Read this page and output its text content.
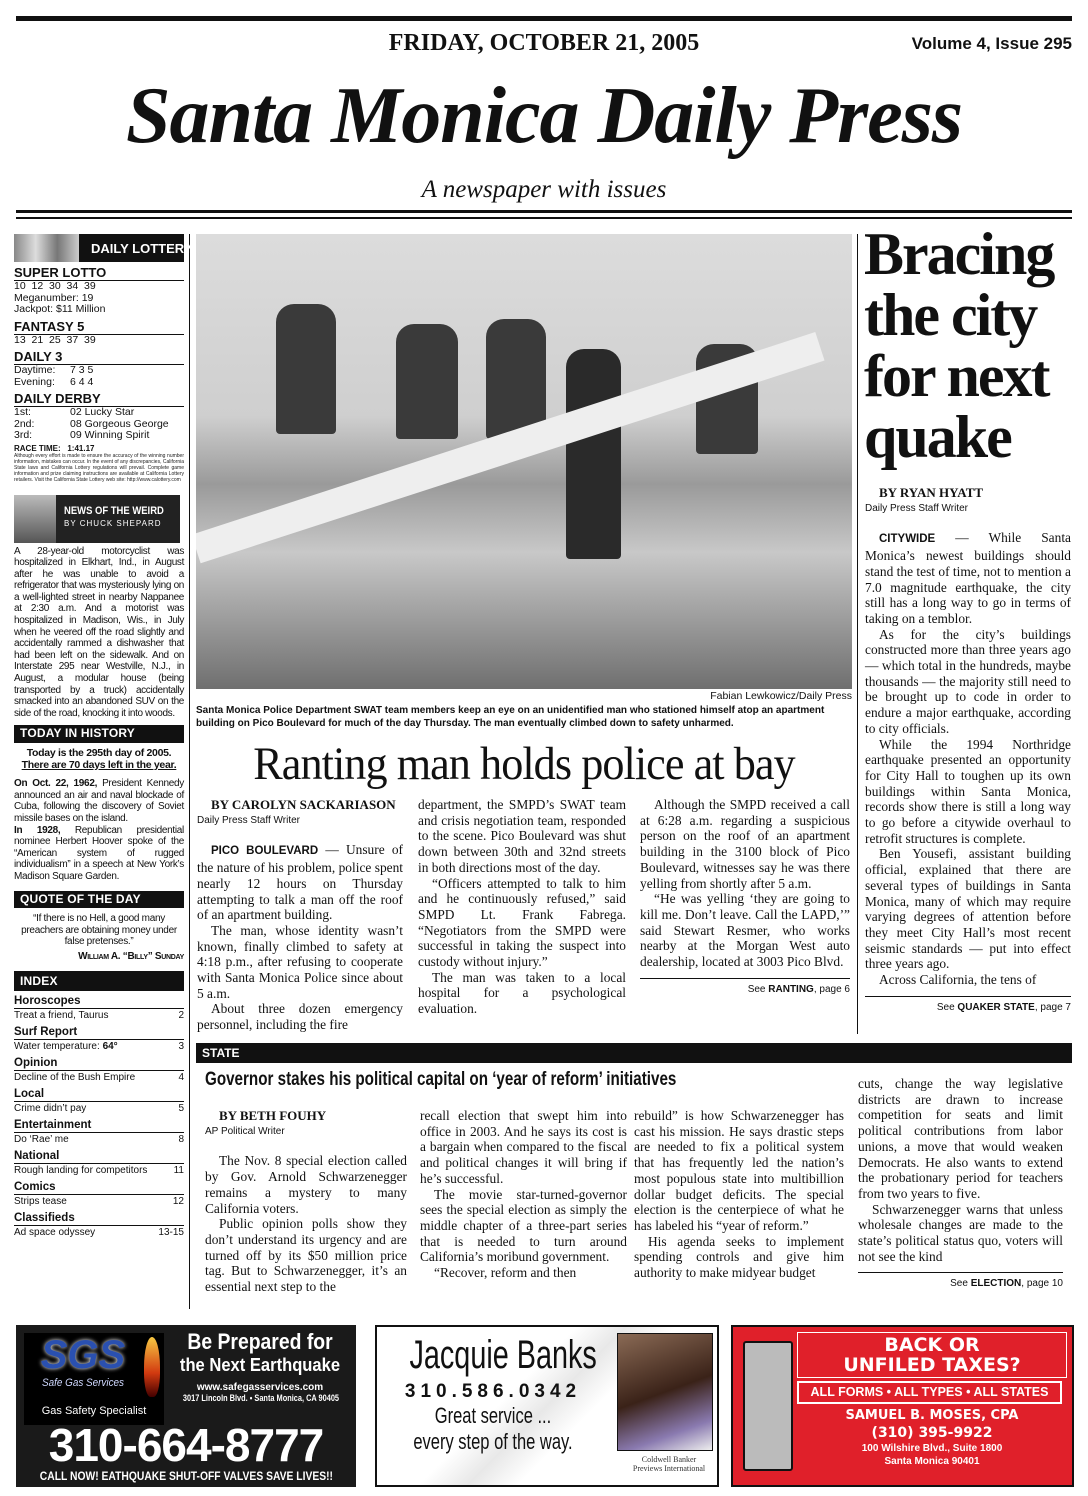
FRIDAY, OCTOBER 21, 2005	Volume 4, Issue 295
Santa Monica Daily Press
A newspaper with issues
DAILY LOTTERY
SUPER LOTTO
10  12  30  34  39
Meganumber: 19
Jackpot: $11 Million
FANTASY 5
13  21  25  37  39
DAILY 3
Daytime:	7 3 5
Evening:	6 4 4
DAILY DERBY
1st:	02 Lucky Star
2nd:	08 Gorgeous George
3rd:	09 Winning Spirit
RACE TIME: 1:41.17
Although every effort is made to ensure the accuracy of the winning number information, mistakes can occur. In the event of any discrepancies, California State laws and California Lottery regulations will prevail. Complete game information and prize claiming instructions are available at California Lottery retailers. Visit the California State Lottery web site: http://www.calottery.com
NEWS OF THE WEIRD
BY CHUCK SHEPARD
A 28-year-old motorcyclist was hospitalized in Elkhart, Ind., in August after he was unable to avoid a refrigerator that was mysteriously lying on a well-lighted street in nearby Nappanee at 2:30 a.m. And a motorist was hospitalized in Madison, Wis., in July when he veered off the road slightly and accidentally rammed a dishwasher that had been left on the sidewalk. And on Interstate 295 near Westville, N.J., in August, a modular house (being transported by a truck) accidentally smacked into an abandoned SUV on the side of the road, knocking it into woods.
TODAY IN HISTORY
Today is the 295th day of 2005.
There are 70 days left in the year.

On Oct. 22, 1962, President Kennedy announced an air and naval blockade of Cuba, following the discovery of Soviet missile bases on the island.

In 1928, Republican presidential nominee Herbert Hoover spoke of the “American system of rugged individualism” in a speech at New York’s Madison Square Garden.

QUOTE OF THE DAY
“If there is no Hell, a good many preachers are obtaining money under false pretenses.”
William A. “Billy” Sunday
INDEX
Horoscopes
Treat a friend, Taurus	2
Surf Report
Water temperature: 64°	3
Opinion
Decline of the Bush Empire	4
Local
Crime didn’t pay	5
Entertainment
Do ‘Rae’ me	8
National
Rough landing for competitors	11
Comics
Strips tease	12
Classifieds
Ad space odyssey	13-15
Fabian Lewkowicz/Daily Press
Santa Monica Police Department SWAT team members keep an eye on an unidentified man who stationed himself atop an apartment building on Pico Boulevard for much of the day Thursday. The man eventually climbed down to safety unharmed.
Ranting man holds police at bay

BY CAROLYN SACKARIASON

Daily Press Staff Writer

PICO BOULEVARD — Unsure of the nature of his problem, police spent nearly 12 hours on Thursday attempting to talk a man off the roof of an apartment building.

The man, whose identity wasn’t known, finally climbed to safety at 4:18 p.m., after refusing to cooperate with Santa Monica Police since about 5 a.m.

About three dozen emergency personnel, including the fire

department, the SMPD’s SWAT team and crisis negotiation team, responded to the scene. Pico Boulevard was shut down between 30th and 32nd streets in both directions most of the day.

“Officers attempted to talk to him and he continuously refused,” said SMPD Lt. Frank Fabrega. “Negotiators from the SMPD were successful in taking the suspect into custody without injury.”

The man was taken to a local hospital for a psychological evaluation.

Although the SMPD received a call at 6:28 a.m. regarding a suspicious person on the roof of an apartment building in the 3100 block of Pico Boulevard, witnesses say he was there yelling from shortly after 5 a.m.

“He was yelling ‘they are going to kill me. Don’t leave. Call the LAPD,’” said Stewart Resmer, who works nearby at the Morgan West auto dealership, located at 3003 Pico Blvd.

See RANTING, page 6
Bracing the city for next quake

BY RYAN HYATT

Daily Press Staff Writer

CITYWIDE — While Santa Monica’s newest buildings should stand the test of time, not to mention a 7.0 magnitude earthquake, the city still has a long way to go in terms of taking on a temblor.

As for the city’s buildings constructed more than three years ago — which total in the hundreds, maybe thousands — the majority still need to be brought up to code in order to endure a major earthquake, according to city officials.

While the 1994 Northridge earthquake presented an opportunity for City Hall to toughen up its own buildings within Santa Monica, records show there is still a long way to go before a citywide overhaul to retrofit structures is complete.

Ben Yousefi, assistant building official, explained that there are several types of buildings in Santa Monica, many of which may require varying degrees of attention before they meet City Hall’s most recent seismic standards — put into effect three years ago.

Across California, the tens of

See QUAKER STATE, page 7
STATE
Governor stakes his political capital on ‘year of reform’ initiatives

BY BETH FOUHY

AP Political Writer

The Nov. 8 special election called by Gov. Arnold Schwarzenegger remains a mystery to many California voters.

Public opinion polls show they don’t understand its urgency and are turned off by its $50 million price tag. But to Schwarzenegger, it’s an essential next step to the

recall election that swept him into office in 2003. And he says its cost is a bargain when compared to the fiscal and political changes it will bring if he’s successful.

The movie star-turned-governor sees the special election as simply the middle chapter of a three-part series that is needed to turn around California’s moribund government.

“Recover, reform and then

rebuild” is how Schwarzenegger has cast his mission. He says drastic steps are needed to fix a political system that has frequently led the nation’s most populous state into multibillion dollar budget deficits. The special election is the centerpiece of what he has labeled his “year of reform.”

His agenda seeks to implement spending controls and give him authority to make midyear budget

cuts, change the way legislative districts are drawn to increase competition for seats and limit political contributions from labor unions, a move that would weaken Democrats. He also wants to extend the probationary period for teachers from two years to five.

Schwarzenegger warns that unless wholesale changes are made to the state’s political status quo, voters will not see the kind

See ELECTION, page 10
SGS
Safe Gas Services
Gas Safety Specialist
Be Prepared for
the Next Earthquake
www.safegasservices.com
3017 Lincoln Blvd. • Santa Monica, CA 90405
310-664-8777
CALL NOW! EATHQUAKE SHUT-OFF VALVES SAVE LIVES!!
Jacquie Banks
310.586.0342
Great service ...
every step of the way.
Coldwell Banker Previews International
BACK OR
UNFILED TAXES?
ALL FORMS • ALL TYPES • ALL STATES
SAMUEL B. MOSES, CPA
(310) 395-9922
100 Wilshire Blvd., Suite 1800
Santa Monica 90401
